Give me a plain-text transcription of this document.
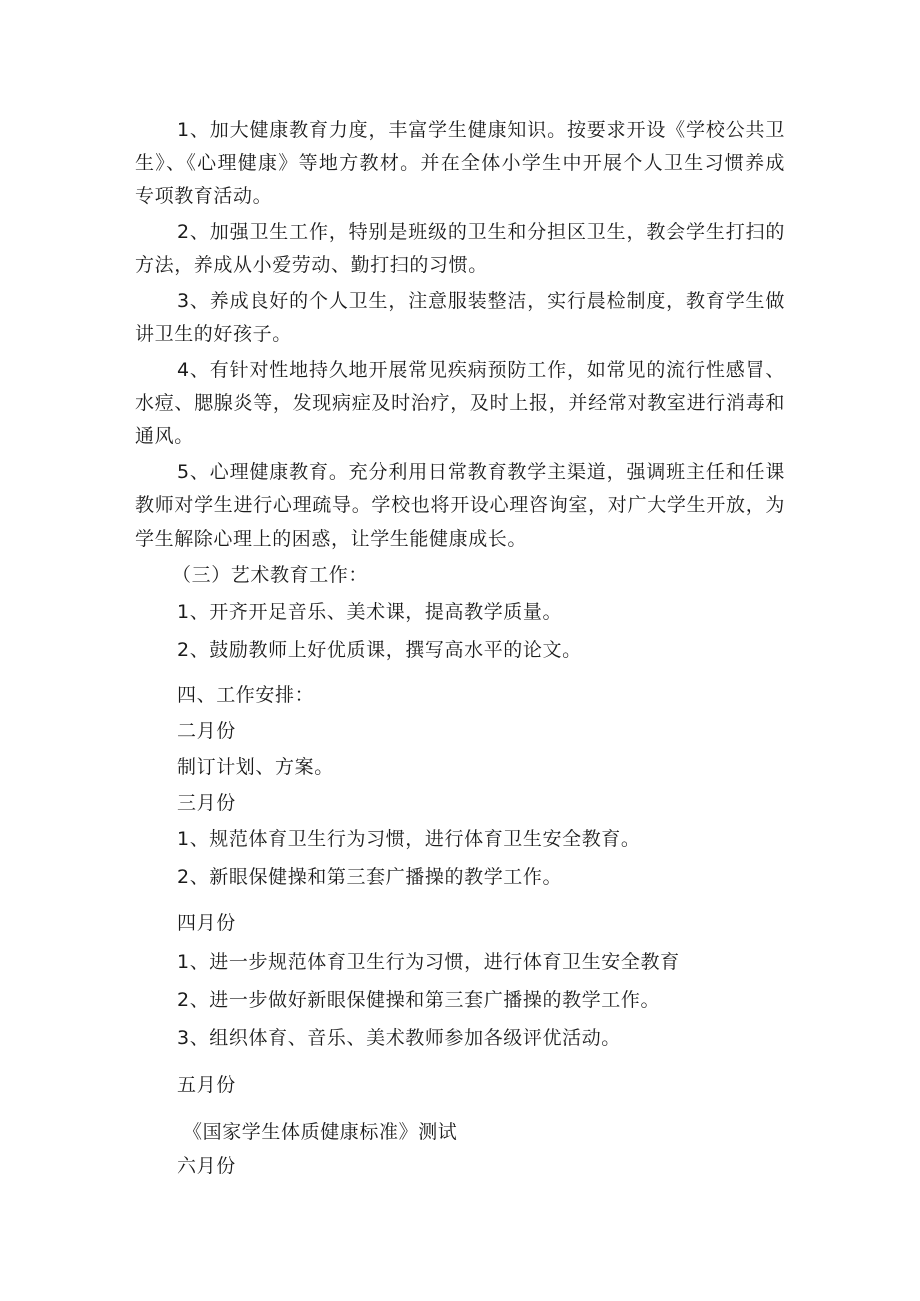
1、加大健康教育力度，丰富学生健康知识。按要求开设《学校公共卫
生》、《心理健康》等地方教材。并在全体小学生中开展个人卫生习惯养成
专项教育活动。
2、加强卫生工作，特别是班级的卫生和分担区卫生，教会学生打扫的
方法，养成从小爱劳动、勤打扫的习惯。
3、养成良好的个人卫生，注意服装整洁，实行晨检制度，教育学生做
讲卫生的好孩子。
4、有针对性地持久地开展常见疾病预防工作，如常见的流行性感冒、
水痘、腮腺炎等，发现病症及时治疗，及时上报，并经常对教室进行消毒和
通风。
5、心理健康教育。充分利用日常教育教学主渠道，强调班主任和任课
教师对学生进行心理疏导。学校也将开设心理咨询室，对广大学生开放，为
学生解除心理上的困惑，让学生能健康成长。
（三）艺术教育工作：
1、开齐开足音乐、美术课，提高教学质量。
2、鼓励教师上好优质课，撰写高水平的论文。
四、工作安排：
二月份
制订计划、方案。
三月份
1、规范体育卫生行为习惯，进行体育卫生安全教育。
2、新眼保健操和第三套广播操的教学工作。
四月份
1、进一步规范体育卫生行为习惯，进行体育卫生安全教育
2、进一步做好新眼保健操和第三套广播操的教学工作。
3、组织体育、音乐、美术教师参加各级评优活动。
五月份
《国家学生体质健康标准》测试
六月份
